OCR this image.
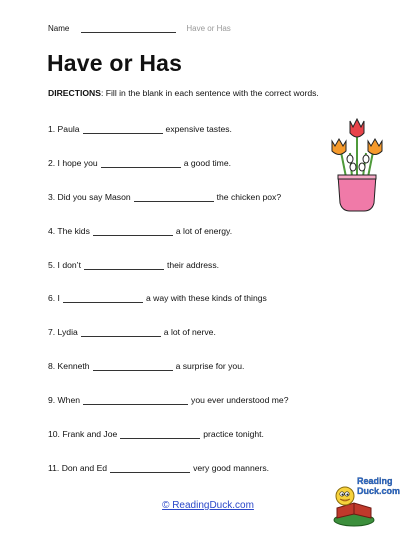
Name	Have or Has
Have or Has
DIRECTIONS: Fill in the blank in each sentence with the correct words.
1. Paula	expensive tastes.
2. I hope you	a good time.
3. Did you say Mason	the chicken pox?
4. The kids	a lot of energy.
5. I don’t	their address.
6. I	a way with these kinds of things
7. Lydia	a lot of nerve.
8. Kenneth	a surprise for you.
9. When	you ever understood me?
10. Frank and Joe	practice tonight.
11. Don and Ed	very good manners.
© ReadingDuck.com
Reading
Duck.com
